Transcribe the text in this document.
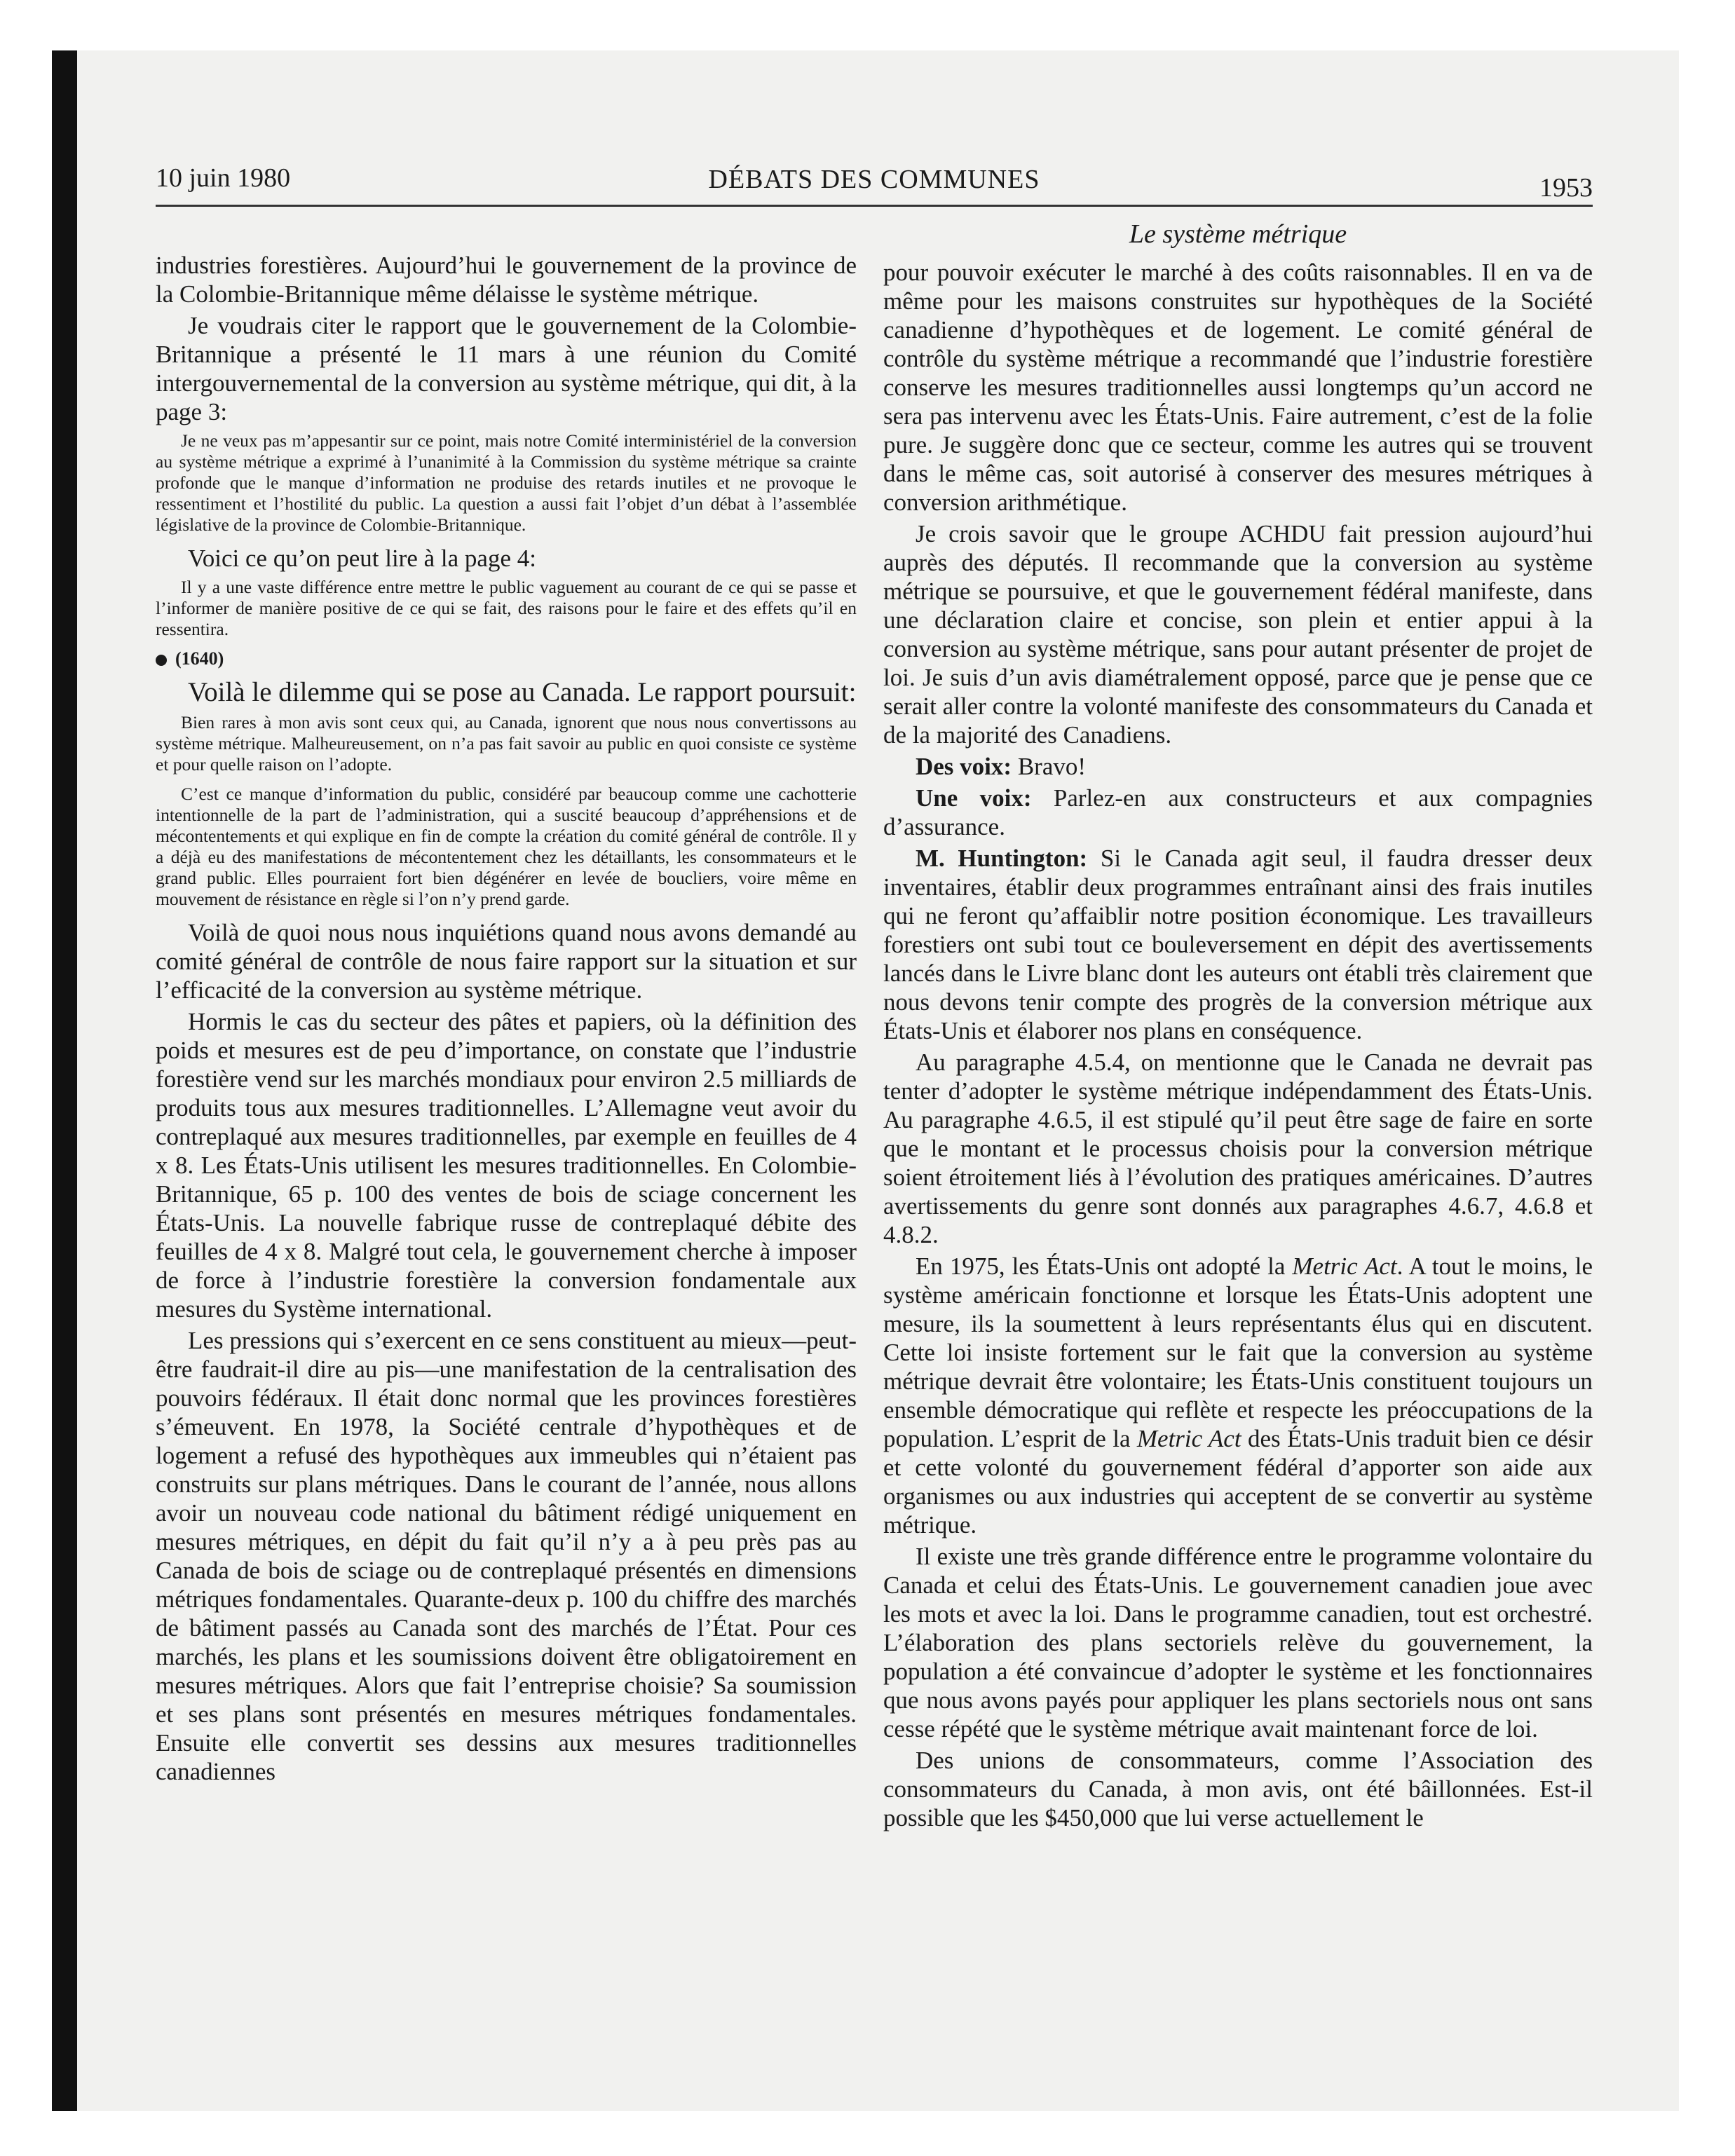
10 juin 1980	DÉBATS DES COMMUNES	1953
Le système métrique

industries forestières. Aujourd’hui le gouvernement de la province de la Colombie-Britannique même délaisse le système métrique.

Je voudrais citer le rapport que le gouvernement de la Colombie-Britannique a présenté le 11 mars à une réunion du Comité intergouvernemental de la conversion au système métrique, qui dit, à la page 3:

Je ne veux pas m’appesantir sur ce point, mais notre Comité interministériel de la conversion au système métrique a exprimé à l’unanimité à la Commission du système métrique sa crainte profonde que le manque d’information ne produise des retards inutiles et ne provoque le ressentiment et l’hostilité du public. La question a aussi fait l’objet d’un débat à l’assemblée législative de la province de Colombie-Britannique.

Voici ce qu’on peut lire à la page 4:

Il y a une vaste différence entre mettre le public vaguement au courant de ce qui se passe et l’informer de manière positive de ce qui se fait, des raisons pour le faire et des effets qu’il en ressentira.

(1640)

Voilà le dilemme qui se pose au Canada. Le rapport poursuit:

Bien rares à mon avis sont ceux qui, au Canada, ignorent que nous nous convertissons au système métrique. Malheureusement, on n’a pas fait savoir au public en quoi consiste ce système et pour quelle raison on l’adopte.

C’est ce manque d’information du public, considéré par beaucoup comme une cachotterie intentionnelle de la part de l’administration, qui a suscité beaucoup d’appréhensions et de mécontentements et qui explique en fin de compte la création du comité général de contrôle. Il y a déjà eu des manifestations de mécontentement chez les détaillants, les consommateurs et le grand public. Elles pourraient fort bien dégénérer en levée de boucliers, voire même en mouvement de résistance en règle si l’on n’y prend garde.

Voilà de quoi nous nous inquiétions quand nous avons demandé au comité général de contrôle de nous faire rapport sur la situation et sur l’efficacité de la conversion au système métrique.

Hormis le cas du secteur des pâtes et papiers, où la définition des poids et mesures est de peu d’importance, on constate que l’industrie forestière vend sur les marchés mondiaux pour environ 2.5 milliards de produits tous aux mesures traditionnelles. L’Allemagne veut avoir du contreplaqué aux mesures traditionnelles, par exemple en feuilles de 4 x 8. Les États-Unis utilisent les mesures traditionnelles. En Colombie-Britannique, 65 p. 100 des ventes de bois de sciage concernent les États-Unis. La nouvelle fabrique russe de contreplaqué débite des feuilles de 4 x 8. Malgré tout cela, le gouvernement cherche à imposer de force à l’industrie forestière la conversion fondamentale aux mesures du Système international.

Les pressions qui s’exercent en ce sens constituent au mieux—peut-être faudrait-il dire au pis—une manifestation de la centralisation des pouvoirs fédéraux. Il était donc normal que les provinces forestières s’émeuvent. En 1978, la Société centrale d’hypothèques et de logement a refusé des hypothèques aux immeubles qui n’étaient pas construits sur plans métriques. Dans le courant de l’année, nous allons avoir un nouveau code national du bâtiment rédigé uniquement en mesures métriques, en dépit du fait qu’il n’y a à peu près pas au Canada de bois de sciage ou de contreplaqué présentés en dimensions métriques fondamentales. Quarante-deux p. 100 du chiffre des marchés de bâtiment passés au Canada sont des marchés de l’État. Pour ces marchés, les plans et les soumissions doivent être obligatoirement en mesures métriques. Alors que fait l’entreprise choisie? Sa soumission et ses plans sont présentés en mesures métriques fondamentales. Ensuite elle convertit ses dessins aux mesures traditionnelles canadiennes

pour pouvoir exécuter le marché à des coûts raisonnables. Il en va de même pour les maisons construites sur hypothèques de la Société canadienne d’hypothèques et de logement. Le comité général de contrôle du système métrique a recommandé que l’industrie forestière conserve les mesures traditionnelles aussi longtemps qu’un accord ne sera pas intervenu avec les États-Unis. Faire autrement, c’est de la folie pure. Je suggère donc que ce secteur, comme les autres qui se trouvent dans le même cas, soit autorisé à conserver des mesures métriques à conversion arithmétique.

Je crois savoir que le groupe ACHDU fait pression aujourd’hui auprès des députés. Il recommande que la conversion au système métrique se poursuive, et que le gouvernement fédéral manifeste, dans une déclaration claire et concise, son plein et entier appui à la conversion au système métrique, sans pour autant présenter de projet de loi. Je suis d’un avis diamétralement opposé, parce que je pense que ce serait aller contre la volonté manifeste des consommateurs du Canada et de la majorité des Canadiens.

Des voix: Bravo!

Une voix: Parlez-en aux constructeurs et aux compagnies d’assurance.

M. Huntington: Si le Canada agit seul, il faudra dresser deux inventaires, établir deux programmes entraînant ainsi des frais inutiles qui ne feront qu’affaiblir notre position économique. Les travailleurs forestiers ont subi tout ce bouleversement en dépit des avertissements lancés dans le Livre blanc dont les auteurs ont établi très clairement que nous devons tenir compte des progrès de la conversion métrique aux États-Unis et élaborer nos plans en conséquence.

Au paragraphe 4.5.4, on mentionne que le Canada ne devrait pas tenter d’adopter le système métrique indépendamment des États-Unis. Au paragraphe 4.6.5, il est stipulé qu’il peut être sage de faire en sorte que le montant et le processus choisis pour la conversion métrique soient étroitement liés à l’évolution des pratiques américaines. D’autres avertissements du genre sont donnés aux paragraphes 4.6.7, 4.6.8 et 4.8.2.

En 1975, les États-Unis ont adopté la Metric Act. A tout le moins, le système américain fonctionne et lorsque les États-Unis adoptent une mesure, ils la soumettent à leurs représentants élus qui en discutent. Cette loi insiste fortement sur le fait que la conversion au système métrique devrait être volontaire; les États-Unis constituent toujours un ensemble démocratique qui reflète et respecte les préoccupations de la population. L’esprit de la Metric Act des États-Unis traduit bien ce désir et cette volonté du gouvernement fédéral d’apporter son aide aux organismes ou aux industries qui acceptent de se convertir au système métrique.

Il existe une très grande différence entre le programme volontaire du Canada et celui des États-Unis. Le gouvernement canadien joue avec les mots et avec la loi. Dans le programme canadien, tout est orchestré. L’élaboration des plans sectoriels relève du gouvernement, la population a été convaincue d’adopter le système et les fonctionnaires que nous avons payés pour appliquer les plans sectoriels nous ont sans cesse répété que le système métrique avait maintenant force de loi.

Des unions de consommateurs, comme l’Association des consommateurs du Canada, à mon avis, ont été bâillonnées. Est-il possible que les $450,000 que lui verse actuellement le
